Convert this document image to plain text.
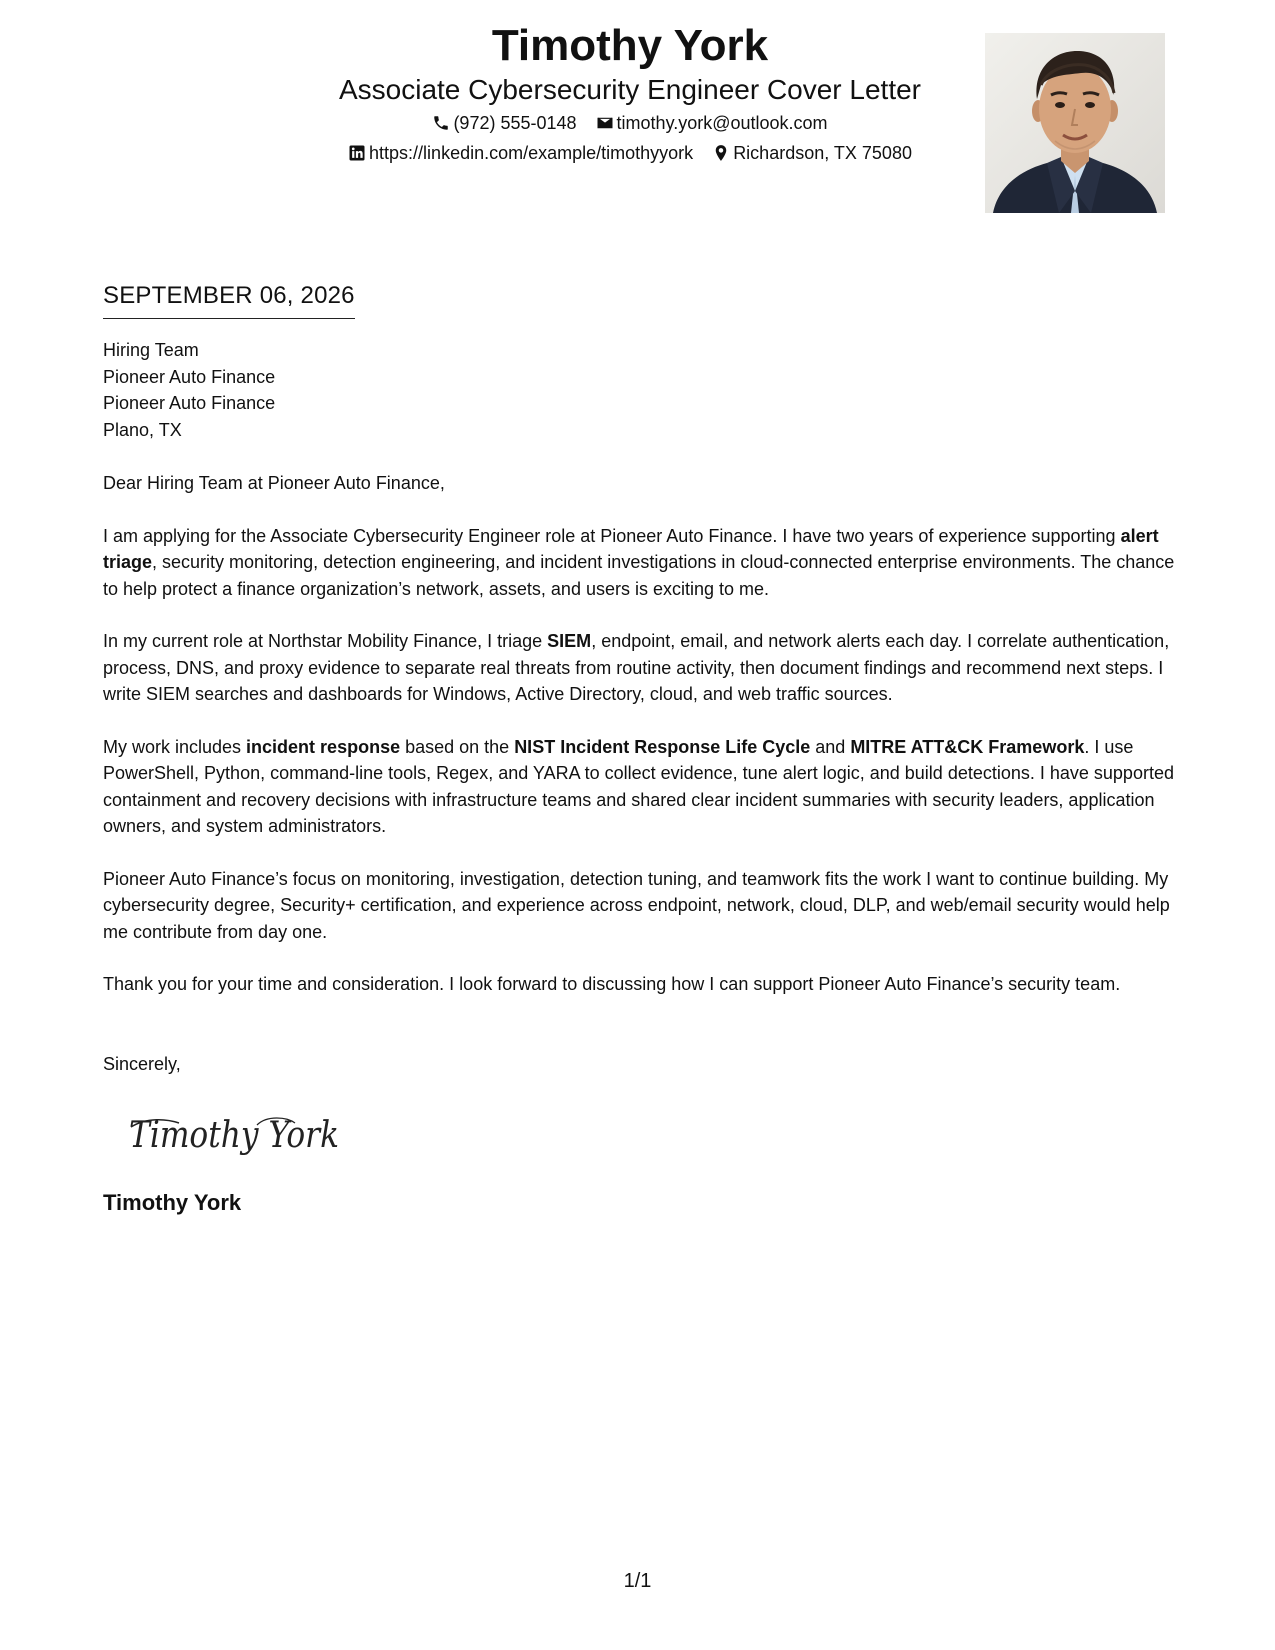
Timothy York
Associate Cybersecurity Engineer Cover Letter
(972) 555-0148 timothy.york@outlook.com
https://linkedin.com/example/timothyyork Richardson, TX 75080
SEPTEMBER 06, 2026
Hiring Team
Pioneer Auto Finance
Pioneer Auto Finance
Plano, TX
Dear Hiring Team at Pioneer Auto Finance,
I am applying for the Associate Cybersecurity Engineer role at Pioneer Auto Finance. I have two years of experience supporting alert triage, security monitoring, detection engineering, and incident investigations in cloud-connected enterprise environments. The chance to help protect a finance organization’s network, assets, and users is exciting to me.
In my current role at Northstar Mobility Finance, I triage SIEM, endpoint, email, and network alerts each day. I correlate authentication, process, DNS, and proxy evidence to separate real threats from routine activity, then document findings and recommend next steps. I write SIEM searches and dashboards for Windows, Active Directory, cloud, and web traffic sources.
My work includes incident response based on the NIST Incident Response Life Cycle and MITRE ATT&CK Framework. I use PowerShell, Python, command-line tools, Regex, and YARA to collect evidence, tune alert logic, and build detections. I have supported containment and recovery decisions with infrastructure teams and shared clear incident summaries with security leaders, application owners, and system administrators.
Pioneer Auto Finance’s focus on monitoring, investigation, detection tuning, and teamwork fits the work I want to continue building. My cybersecurity degree, Security+ certification, and experience across endpoint, network, cloud, DLP, and web/email security would help me contribute from day one.
Thank you for your time and consideration. I look forward to discussing how I can support Pioneer Auto Finance’s security team.
Sincerely,
Timothy York
Timothy York
1/1
